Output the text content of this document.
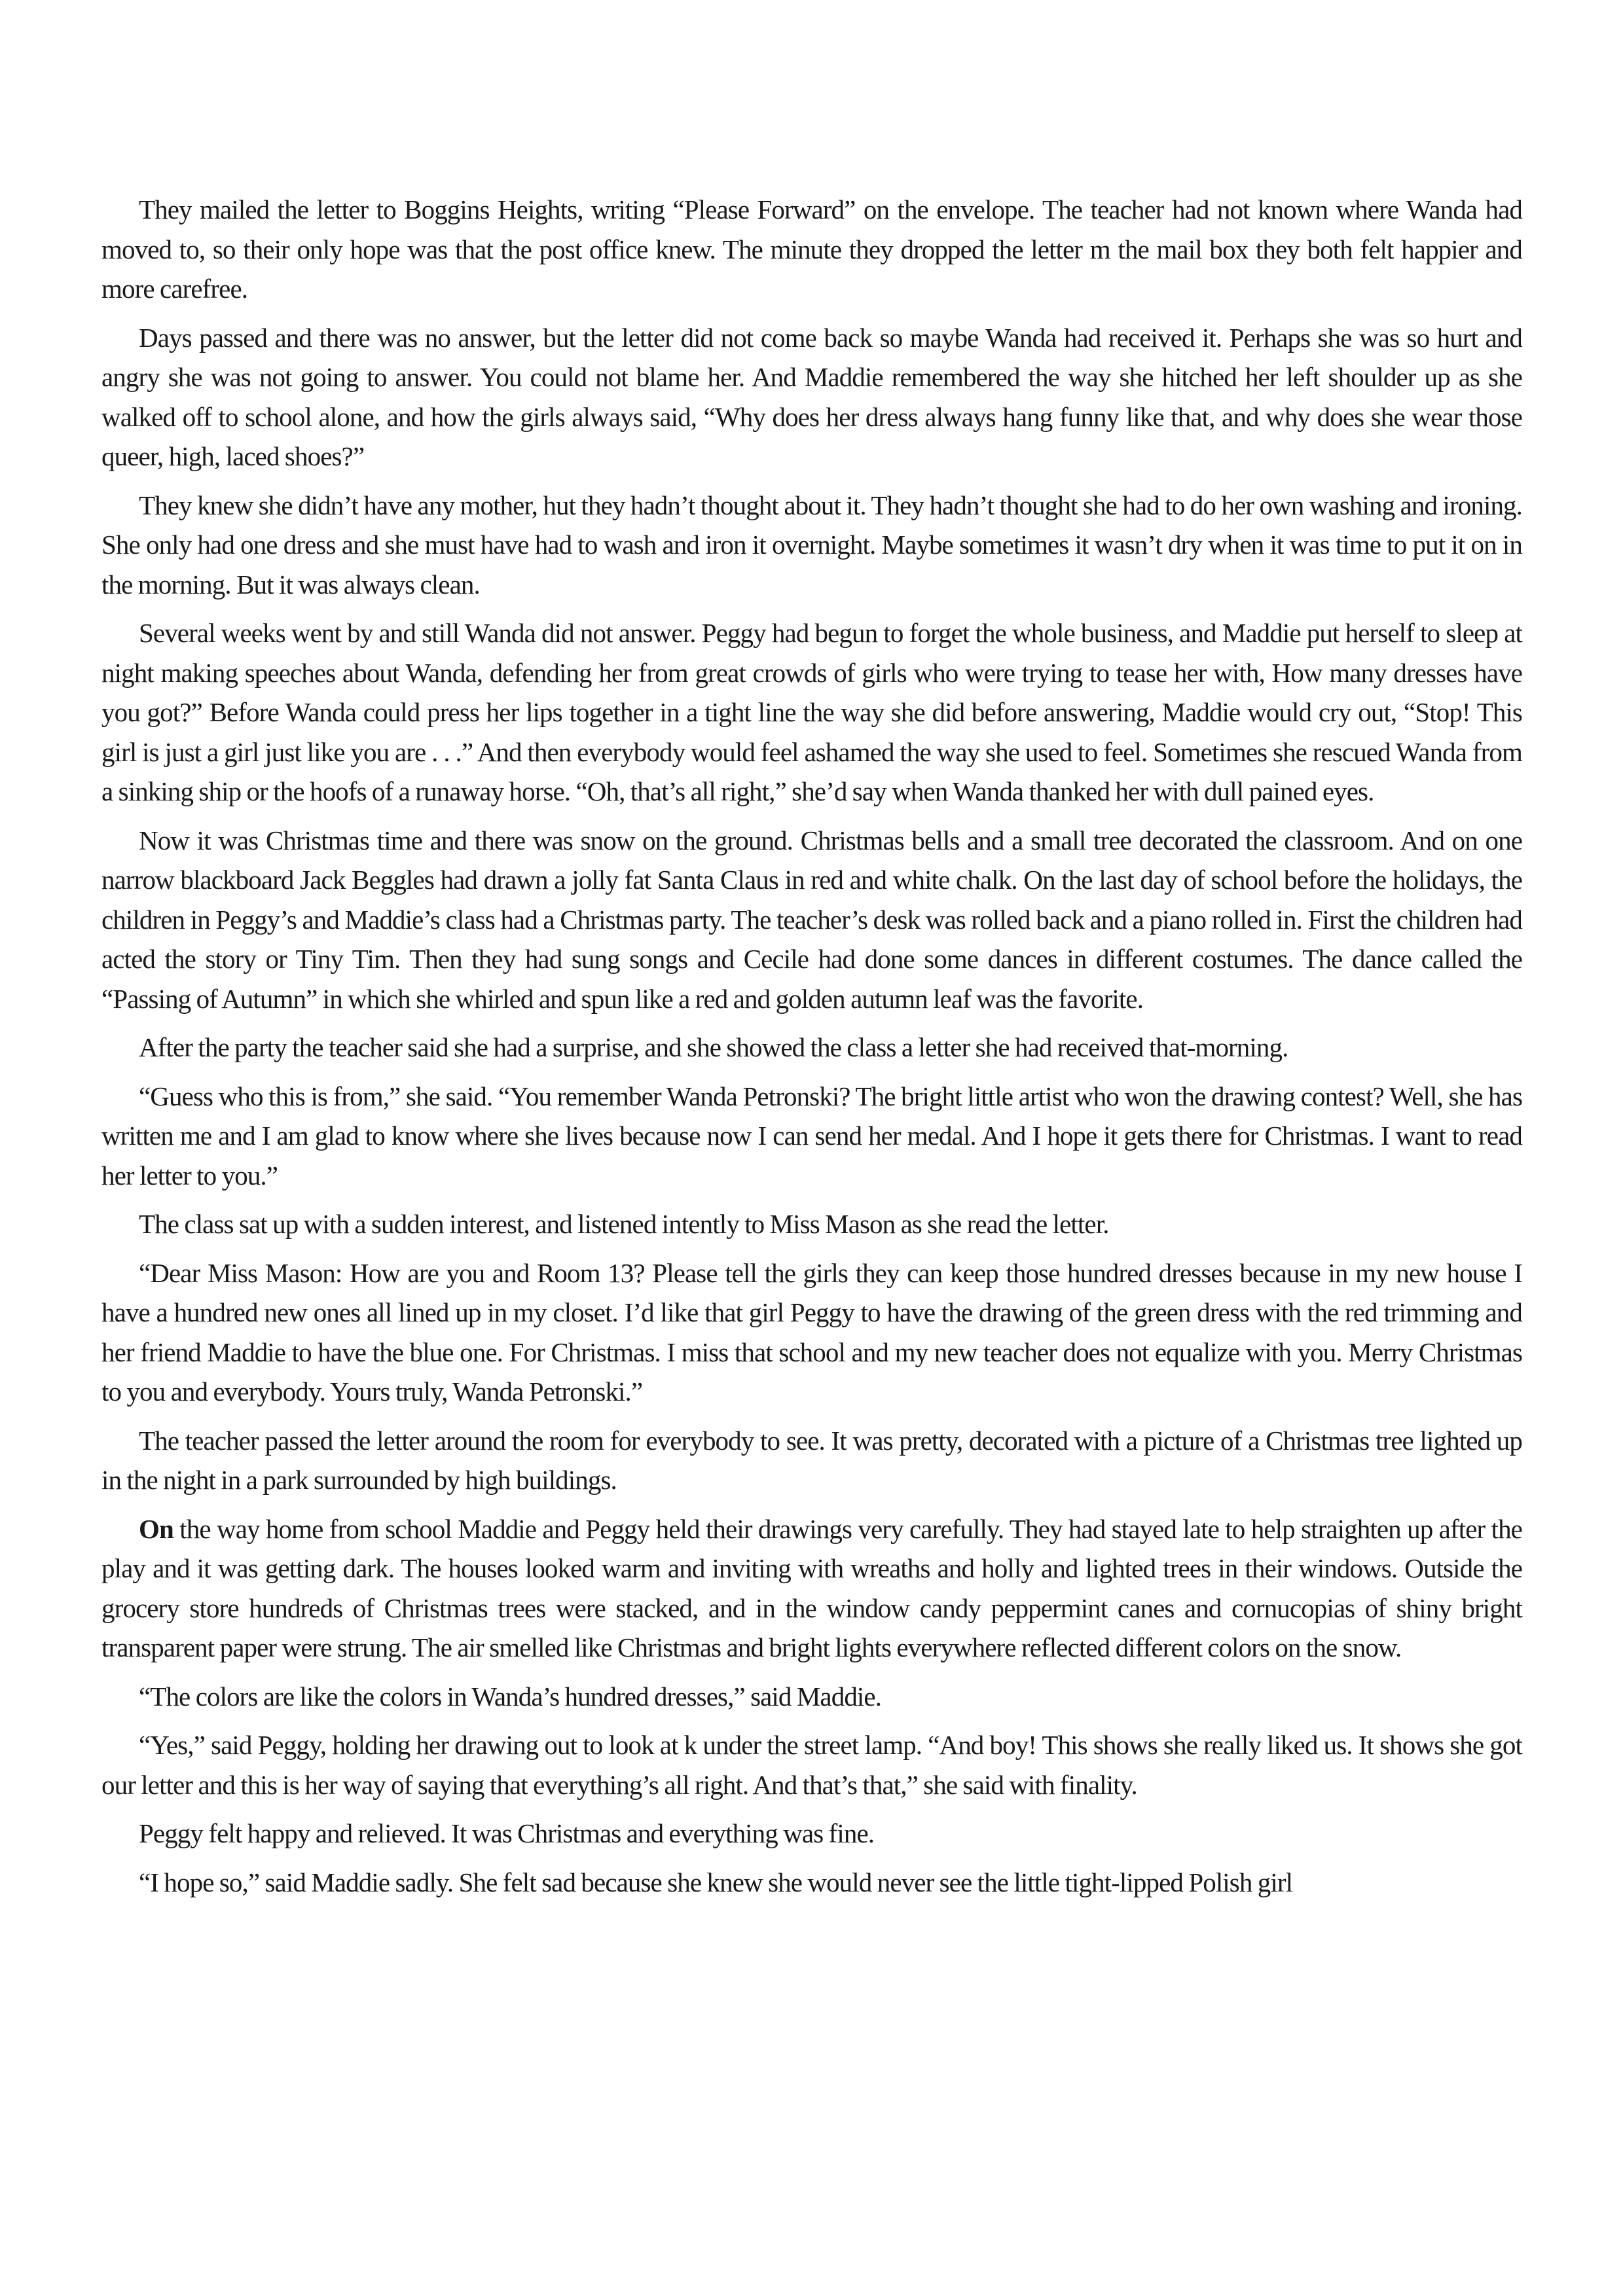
They mailed the letter to Boggins Heights, writing “Please Forward” on the envelope. The teacher had not known where Wanda had moved to, so their only hope was that the post office knew. The minute they dropped the letter m the mail box they both felt happier and more carefree.

Days passed and there was no answer, but the letter did not come back so maybe Wanda had received it. Perhaps she was so hurt and angry she was not going to answer. You could not blame her. And Maddie remembered the way she hitched her left shoulder up as she walked off to school alone, and how the girls always said, “Why does her dress always hang funny like that, and why does she wear those queer, high, laced shoes?”

They knew she didn’t have any mother, hut they hadn’t thought about it. They hadn’t thought she had to do her own washing and ironing. She only had one dress and she must have had to wash and iron it overnight. Maybe sometimes it wasn’t dry when it was time to put it on in the morning. But it was always clean.

Several weeks went by and still Wanda did not answer. Peggy had begun to forget the whole business, and Maddie put herself to sleep at night making speeches about Wanda, defending her from great crowds of girls who were trying to tease her with, How many dresses have you got?” Before Wanda could press her lips together in a tight line the way she did before answering, Maddie would cry out, “Stop! This girl is just a girl just like you are . . .” And then everybody would feel ashamed the way she used to feel. Sometimes she rescued Wanda from a sinking ship or the hoofs of a runaway horse. “Oh, that’s all right,” she’d say when Wanda thanked her with dull pained eyes.

Now it was Christmas time and there was snow on the ground. Christmas bells and a small tree decorated the classroom. And on one narrow blackboard Jack Beggles had drawn a jolly fat Santa Claus in red and white chalk. On the last day of school before the holidays, the children in Peggy’s and Maddie’s class had a Christmas party. The teacher’s desk was rolled back and a piano rolled in. First the children had acted the story or Tiny Tim. Then they had sung songs and Cecile had done some dances in different costumes. The dance called the “Passing of Autumn” in which she whirled and spun like a red and golden autumn leaf was the favorite.

After the party the teacher said she had a surprise, and she showed the class a letter she had received that-morning.

“Guess who this is from,” she said. “You remember Wanda Petronski? The bright little artist who won the drawing contest? Well, she has written me and I am glad to know where she lives because now I can send her medal. And I hope it gets there for Christmas. I want to read her letter to you.”

The class sat up with a sudden interest, and listened intently to Miss Mason as she read the letter.

“Dear Miss Mason: How are you and Room 13? Please tell the girls they can keep those hundred dresses because in my new house I have a hundred new ones all lined up in my closet. I’d like that girl Peggy to have the drawing of the green dress with the red trimming and her friend Maddie to have the blue one. For Christmas. I miss that school and my new teacher does not equalize with you. Merry Christmas to you and everybody. Yours truly, Wanda Petronski.”

The teacher passed the letter around the room for everybody to see. It was pretty, decorated with a picture of a Christmas tree lighted up in the night in a park surrounded by high buildings.

On the way home from school Maddie and Peggy held their drawings very carefully. They had stayed late to help straighten up after the play and it was getting dark. The houses looked warm and inviting with wreaths and holly and lighted trees in their windows. Outside the grocery store hundreds of Christmas trees were stacked, and in the window candy peppermint canes and cornucopias of shiny bright transparent paper were strung. The air smelled like Christmas and bright lights everywhere reflected different colors on the snow.

“The colors are like the colors in Wanda’s hundred dresses,” said Maddie.

“Yes,” said Peggy, holding her drawing out to look at k under the street lamp. “And boy! This shows she really liked us. It shows she got our letter and this is her way of saying that everything’s all right. And that’s that,” she said with finality.

Peggy felt happy and relieved. It was Christmas and everything was fine.

“I hope so,” said Maddie sadly. She felt sad because she knew she would never see the little tight-lipped Polish girl
